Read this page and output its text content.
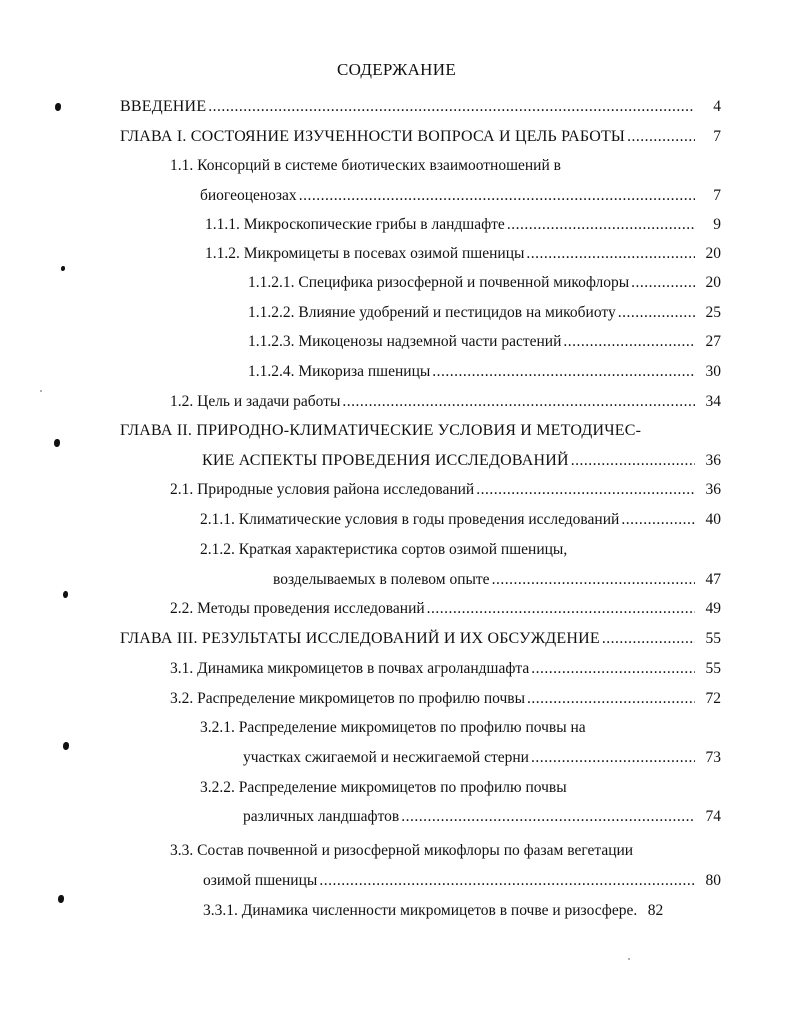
СОДЕРЖАНИЕ
ВВЕДЕНИЕ .....	4
ГЛАВА I. СОСТОЯНИЕ ИЗУЧЕННОСТИ ВОПРОСА И ЦЕЛЬ РАБОТЫ .....	7
1.1. Консорций в системе биотических взаимоотношений в
биогеоценозах .....	7
1.1.1. Микроскопические грибы в ландшафте .....	9
1.1.2. Микромицеты в посевах озимой пшеницы .....	20
1.1.2.1. Специфика ризосферной и почвенной микофлоры .....	20
1.1.2.2. Влияние удобрений и пестицидов на микобиоту .....	25
1.1.2.3. Микоценозы надземной части растений .....	27
1.1.2.4. Микориза пшеницы .....	30
1.2. Цель и задачи работы .....	34
ГЛАВА II. ПРИРОДНО-КЛИМАТИЧЕСКИЕ УСЛОВИЯ И МЕТОДИЧЕС-
КИЕ АСПЕКТЫ ПРОВЕДЕНИЯ ИССЛЕДОВАНИЙ .....	36
2.1. Природные условия района исследований .....	36
2.1.1. Климатические условия в годы проведения исследований .....	40
2.1.2. Краткая характеристика сортов озимой пшеницы,
возделываемых в полевом опыте .....	47
2.2. Методы проведения исследований .....	49
ГЛАВА III. РЕЗУЛЬТАТЫ ИССЛЕДОВАНИЙ И ИХ ОБСУЖДЕНИЕ .....	55
3.1. Динамика микромицетов в почвах агроландшафта .....	55
3.2. Распределение микромицетов по профилю почвы .....	72
3.2.1. Распределение микромицетов по профилю почвы на
участках сжигаемой и несжигаемой стерни .....	73
3.2.2. Распределение микромицетов по профилю почвы
различных ландшафтов .....	74
3.3. Состав почвенной и ризосферной микофлоры по фазам вегетации
озимой пшеницы .....	80
3.3.1. Динамика численности микромицетов в почве и ризосфере. 82
